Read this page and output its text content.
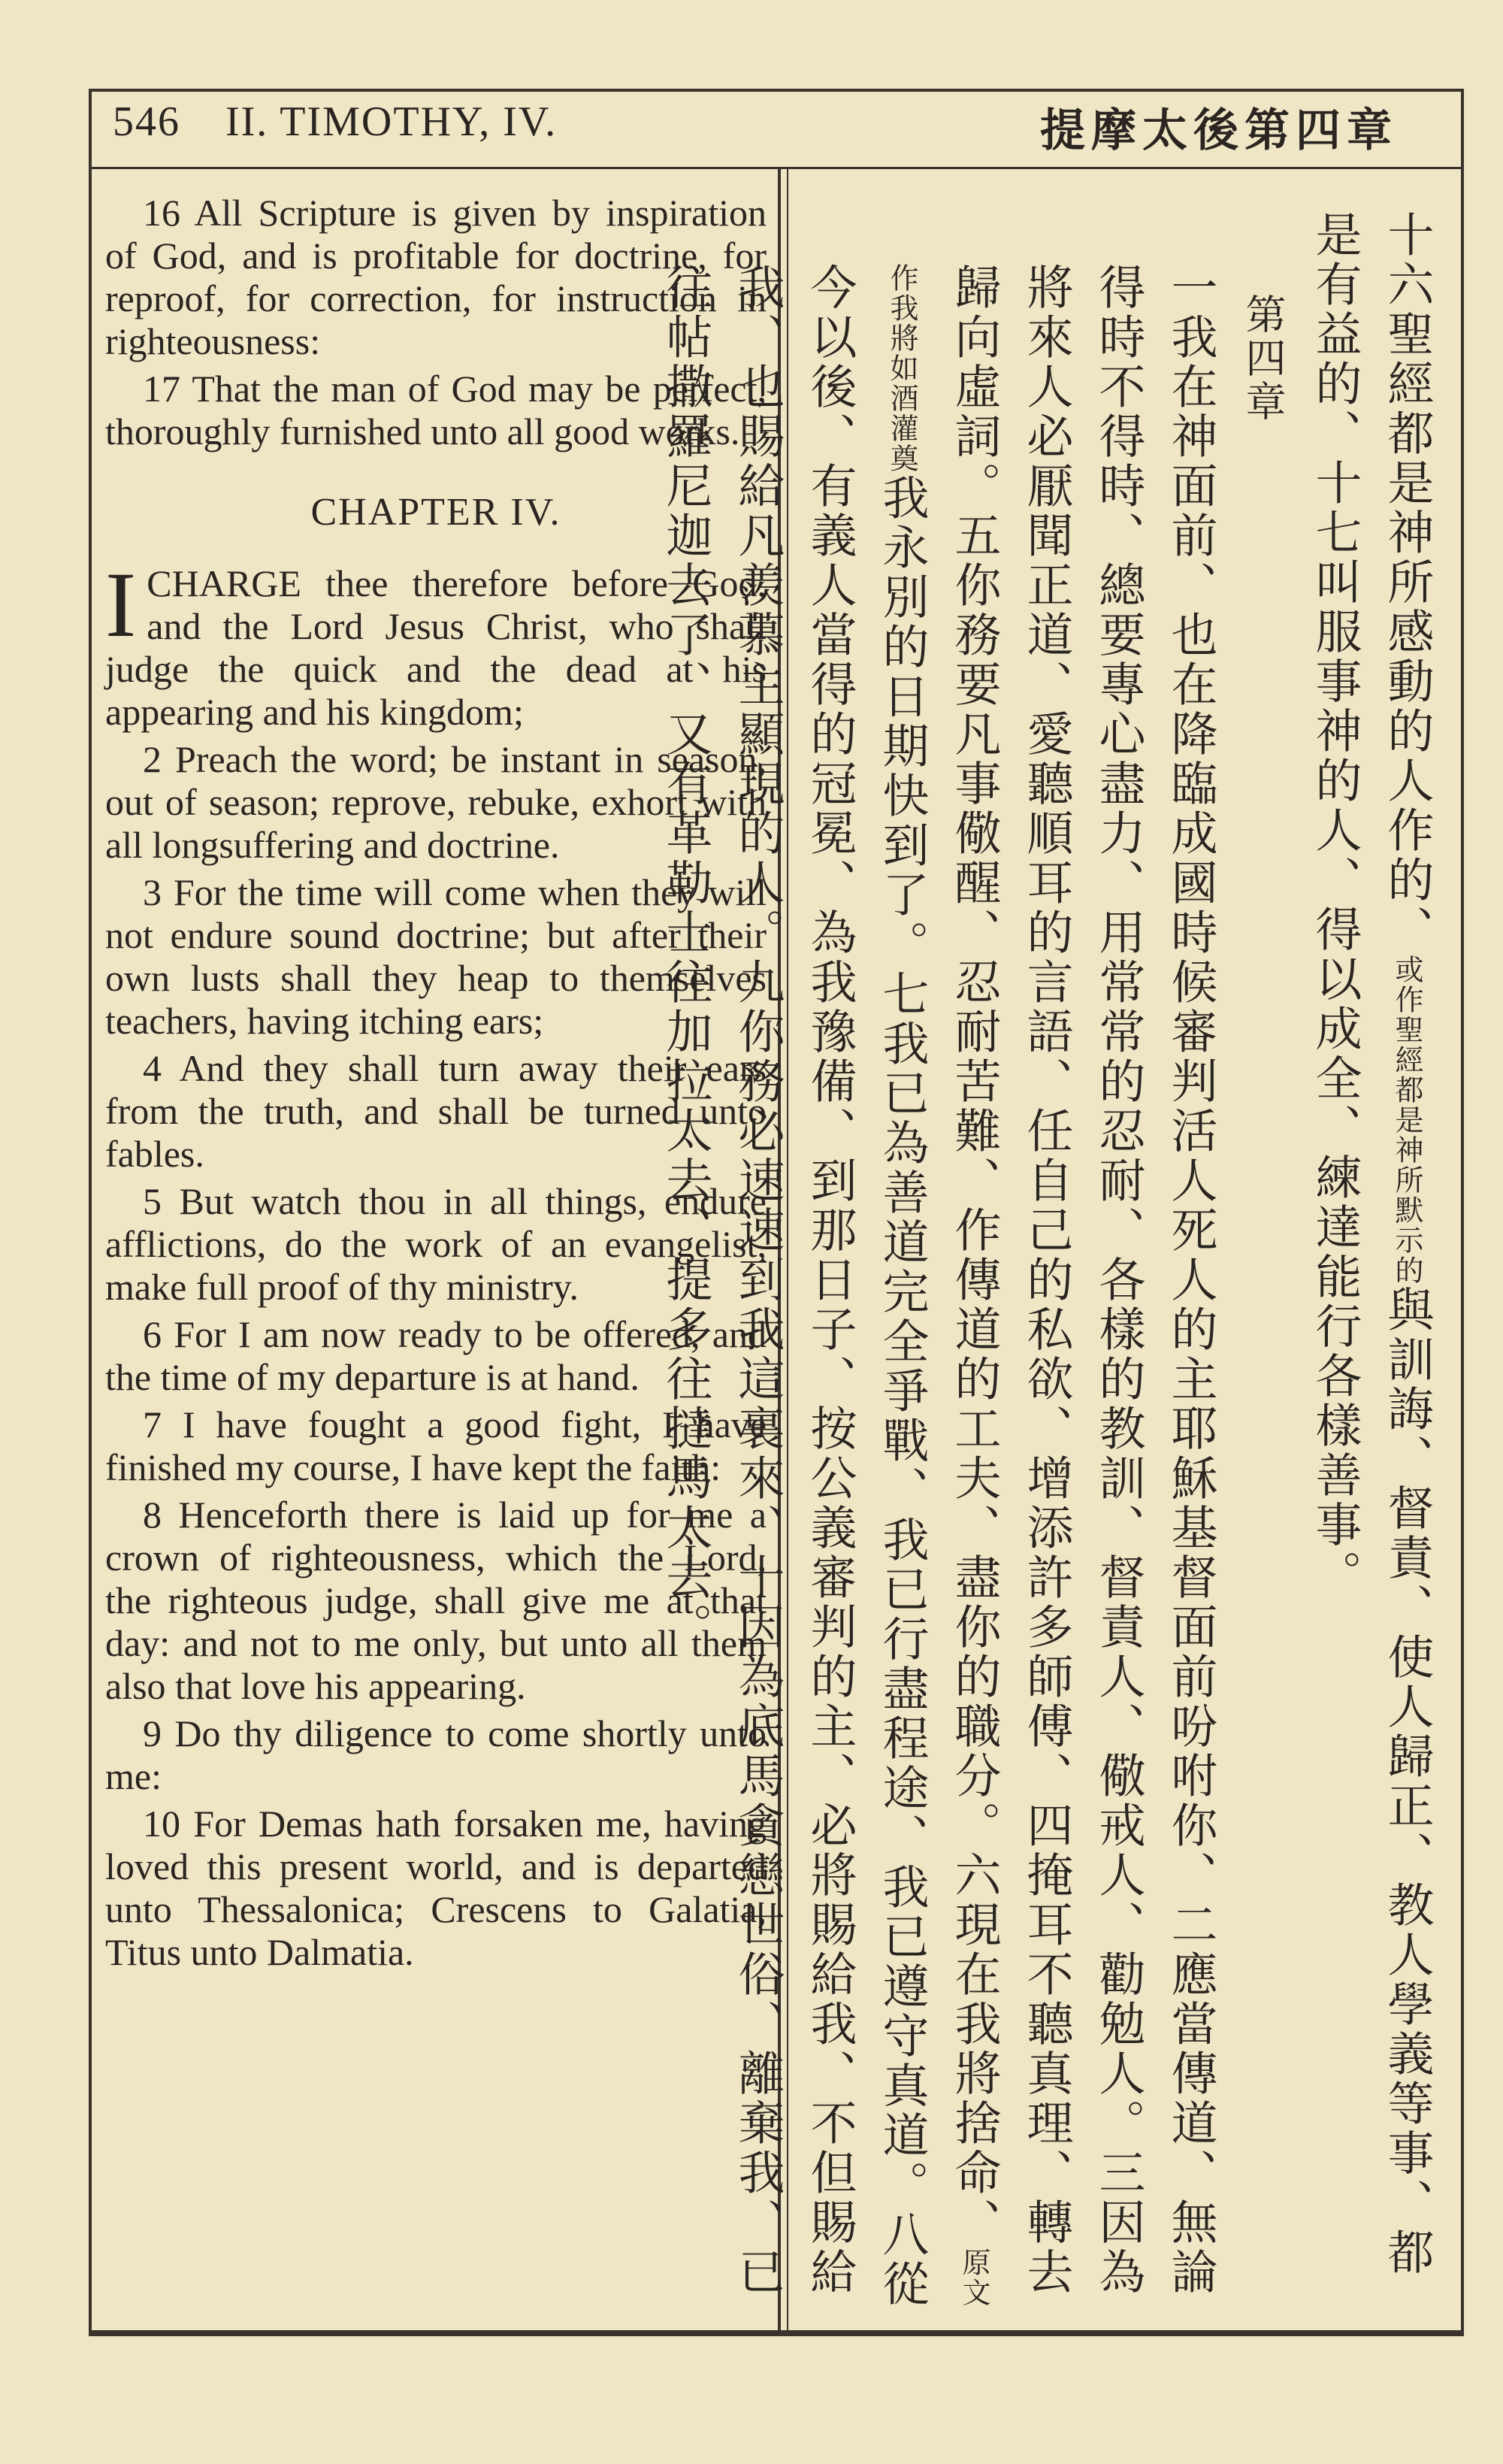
546 II. TIMOTHY, IV.	提摩太後第四章

16 All Scripture is given by inspiration of God, and is profitable for doctrine, for reproof, for correction, for instruction in righteousness:

17 That the man of God may be perfect, thoroughly furnished unto all good works.

CHAPTER IV.

ICHARGE thee therefore before God, and the Lord Jesus Christ, who shall judge the quick and the dead at his appearing and his kingdom;

2 Preach the word; be instant in season, out of season; reprove, rebuke, exhort with all longsuffering and doctrine.

3 For the time will come when they will not endure sound doctrine; but after their own lusts shall they heap to themselves teachers, having itching ears;

4 And they shall turn away their ears from the truth, and shall be turned unto fables.

5 But watch thou in all things, endure afflictions, do the work of an evangelist, make full proof of thy ministry.

6 For I am now ready to be offered, and the time of my departure is at hand.

7 I have fought a good fight, I have finished my course, I have kept the faith:

8 Henceforth there is laid up for me a crown of righteousness, which the Lord, the righteous judge, shall give me at that day: and not to me only, but unto all them also that love his appearing.

9 Do thy diligence to come shortly unto me:

10 For Demas hath forsaken me, having loved this present world, and is departed unto Thessalonica; Crescens to Galatia, Titus unto Dalmatia.

十六聖經都是神所感動的人作的、或作聖經都是神所默示的與訓誨、督責、使人歸正、教人學義等事、都是有益的、十七叫服事神的人、得以成全、練達能行各樣善事。
第四章
一我在神面前、也在降臨成國時候審判活人死人的主耶穌基督面前吩咐你、二應當傳道、無論得時不得時、總要專心盡力、用常常的忍耐、各樣的教訓、督責人、儆戒人、勸勉人。三因為將來人必厭聞正道、愛聽順耳的言語、任自己的私欲、增添許多師傅、四掩耳不聽真理、轉去歸向虛詞。五你務要凡事儆醒、忍耐苦難、作傳道的工夫、盡你的職分。六現在我將捨命、原文作我將如酒灌奠我永別的日期快到了。七我已為善道完全爭戰、我已行盡程途、我已遵守真道。八從今以後、有義人當得的冠冕、為我豫備、到那日子、按公義審判的主、必將賜給我、不但賜給我、也賜給凡羨慕主顯現的人。九你務必速速到我這裏來、十因為底馬貪戀世俗、離棄我、已往帖撒羅尼迦去了、又有革勒士往加拉太去、提多往撻馬太去。
